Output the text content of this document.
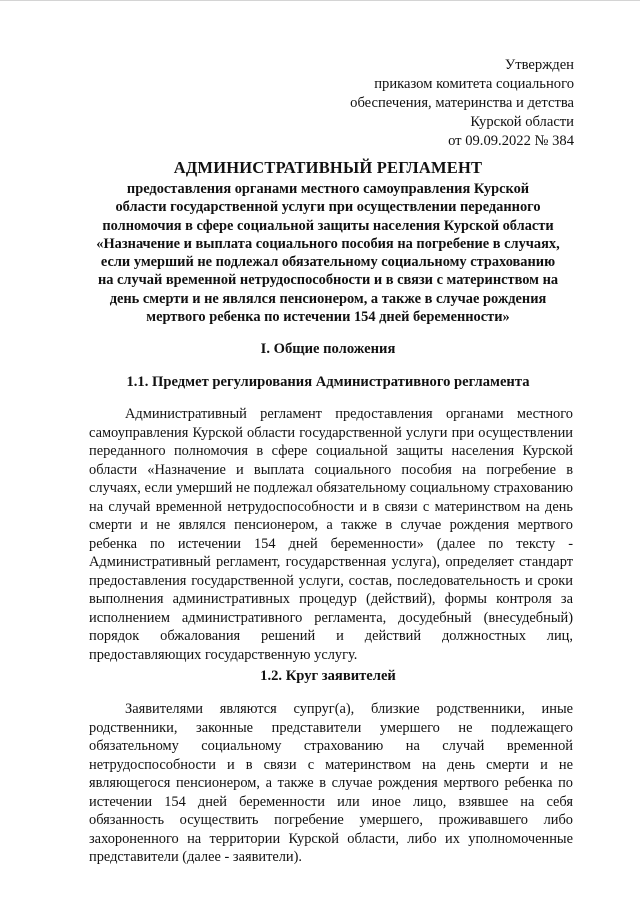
Утвержден
приказом комитета социального
обеспечения, материнства и детства
Курской области
от 09.09.2022 № 384
АДМИНИСТРАТИВНЫЙ РЕГЛАМЕНТ
предоставления органами местного самоуправления Курской
области государственной услуги при осуществлении переданного
полномочия в сфере социальной защиты населения Курской области
«Назначение и выплата социального пособия на погребение в случаях,
если умерший не подлежал обязательному социальному страхованию
на случай временной нетрудоспособности и в связи с материнством на
день смерти и не являлся пенсионером, а также в случае рождения
мертвого ребенка по истечении 154 дней беременности»
I. Общие положения
1.1. Предмет регулирования Административного регламента

Административный регламент предоставления органами местного самоуправления Курской области государственной услуги при осуществлении переданного полномочия в сфере социальной защиты населения Курской области «Назначение и выплата социального пособия на погребение в случаях, если умерший не подлежал обязательному социальному страхованию на случай временной нетрудоспособности и в связи с материнством на день смерти и не являлся пенсионером, а также в случае рождения мертвого ребенка по истечении 154 дней беременности» (далее по тексту - Административный регламент, государственная услуга), определяет стандарт предоставления государственной услуги, состав, последовательность и сроки выполнения административных процедур (действий), формы контроля за исполнением административного регламента, досудебный (внесудебный) порядок обжалования решений и действий должностных лиц, предоставляющих государственную услугу.

1.2. Круг заявителей

Заявителями являются супруг(а), близкие родственники, иные родственники, законные представители умершего не подлежащего обязательному социальному страхованию на случай временной нетрудоспособности и в связи с материнством на день смерти и не являющегося пенсионером, а также в случае рождения мертвого ребенка по истечении 154 дней беременности или иное лицо, взявшее на себя обязанность осуществить погребение умершего, проживавшего либо захороненного на территории Курской области, либо их уполномоченные представители (далее - заявители).
